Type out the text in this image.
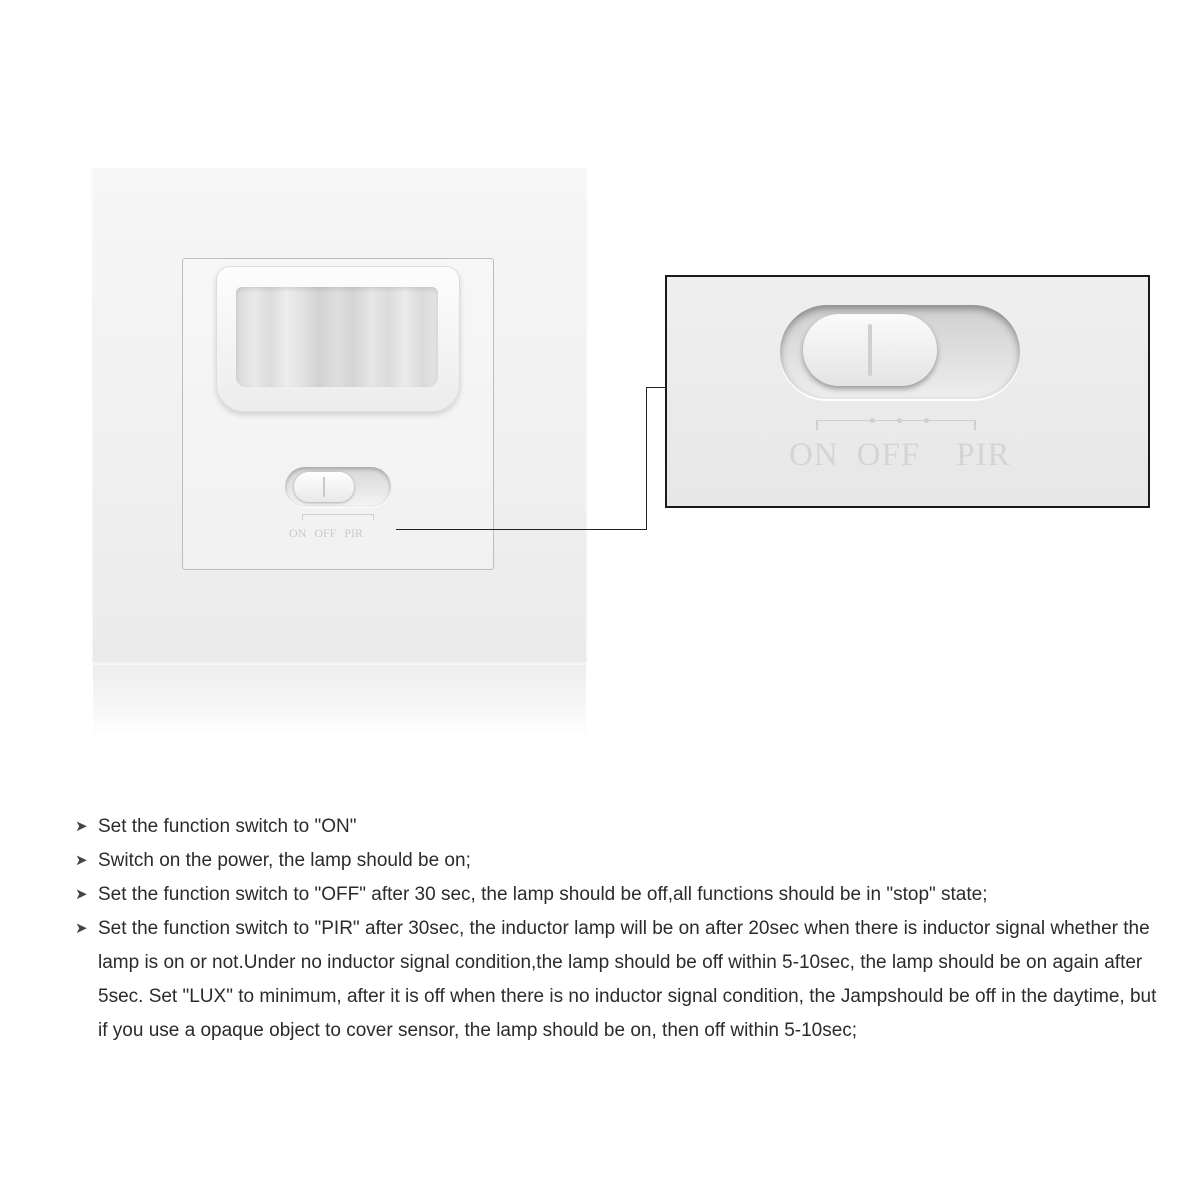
ON OFF PIR
ON OFF PIR
➤ Set the function switch to "ON"
➤ Switch on the power, the lamp should be on;
➤ Set the function switch to "OFF" after 30 sec, the lamp should be off,all functions should be in "stop" state;
➤ Set the function switch to "PIR" after 30sec, the inductor lamp will be on after 20sec when there is inductor signal whether the lamp is on or not.Under no inductor signal condition,the lamp should be off within 5-10sec, the lamp should be on again after 5sec. Set "LUX" to minimum, after it is off when there is no inductor signal condition, the Jampshould be off in the daytime, but if you use a opaque object to cover sensor, the lamp should be on, then off within 5-10sec;
